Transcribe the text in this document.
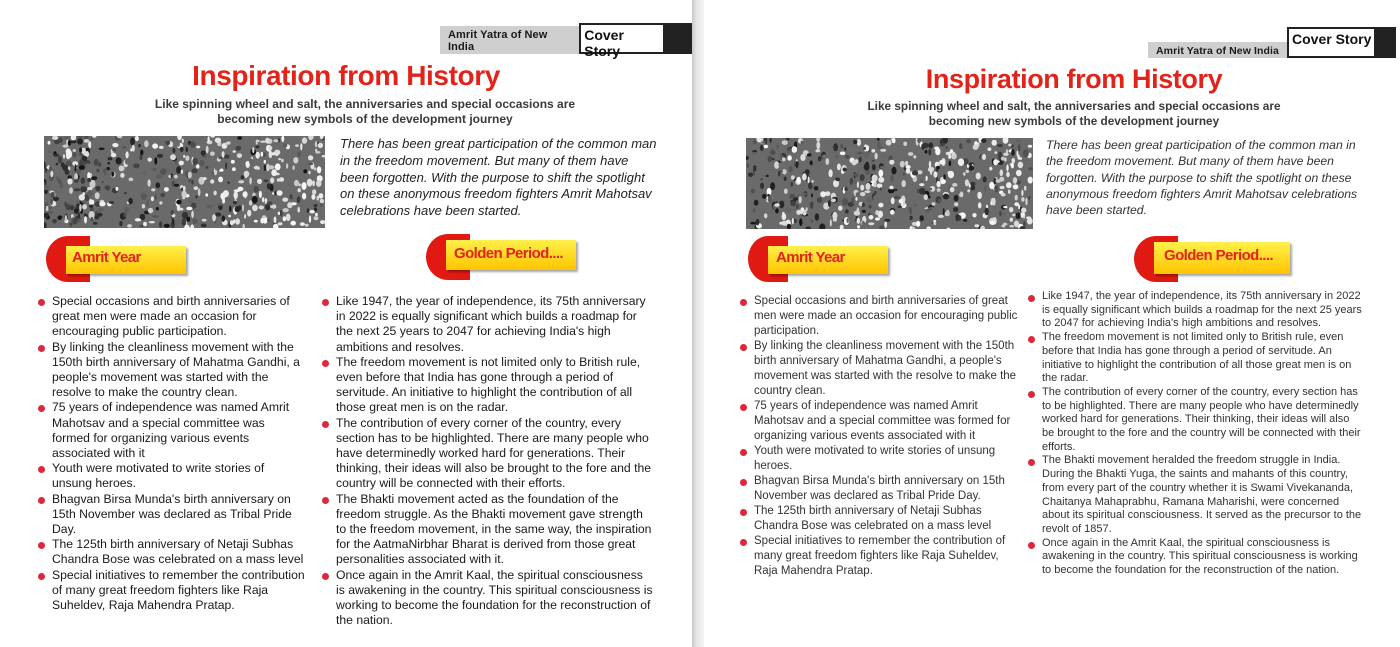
Amrit Yatra of New India
Cover Story
Inspiration from History
Like spinning wheel and salt, the anniversaries and special occasions are becoming new symbols of the development journey
There has been great participation of the common man in the freedom movement. But many of them have been forgotten. With the purpose to shift the spotlight on these anonymous freedom fighters Amrit Mahotsav celebrations have been started.
Amrit Year	Golden Period....
Special occasions and birth anniversaries of great men were made an occasion for encouraging public participation.
By linking the cleanliness movement with the 150th birth anniversary of Mahatma Gandhi, a people's movement was started with the resolve to make the country clean.
75 years of independence was named Amrit Mahotsav and a special committee was formed for organizing various events associated with it
Youth were motivated to write stories of unsung heroes.
Bhagvan Birsa Munda's birth anniversary on 15th November was declared as Tribal Pride Day.
The 125th birth anniversary of Netaji Subhas Chandra Bose was celebrated on a mass level
Special initiatives to remember the contribution of many great freedom fighters like Raja Suheldev, Raja Mahendra Pratap.
Like 1947, the year of independence, its 75th anniversary in 2022 is equally significant which builds a roadmap for the next 25 years to 2047 for achieving India's high ambitions and resolves.
The freedom movement is not limited only to British rule, even before that India has gone through a period of servitude. An initiative to highlight the contribution of all those great men is on the radar.
The contribution of every corner of the country, every section has to be highlighted. There are many people who have determinedly worked hard for generations. Their thinking, their ideas will also be brought to the fore and the country will be connected with their efforts.
The Bhakti movement acted as the foundation of the freedom struggle. As the Bhakti movement gave strength to the freedom movement, in the same way, the inspiration for the AatmaNirbhar Bharat is derived from those great personalities associated with it.
Once again in the Amrit Kaal, the spiritual consciousness is awakening in the country. This spiritual consciousness is working to become the foundation for the reconstruction of the nation.
Amrit Yatra of New India
Cover Story
Inspiration from History
Like spinning wheel and salt, the anniversaries and special occasions are becoming new symbols of the development journey
There has been great participation of the common man in the freedom movement. But many of them have been forgotten. With the purpose to shift the spotlight on these anonymous freedom fighters Amrit Mahotsav celebrations have been started.
Amrit Year	Golden Period....
Special occasions and birth anniversaries of great men were made an occasion for encouraging public participation.
By linking the cleanliness movement with the 150th birth anniversary of Mahatma Gandhi, a people's movement was started with the resolve to make the country clean.
75 years of independence was named Amrit Mahotsav and a special committee was formed for organizing various events associated with it
Youth were motivated to write stories of unsung heroes.
Bhagvan Birsa Munda's birth anniversary on 15th November was declared as Tribal Pride Day.
The 125th birth anniversary of Netaji Subhas Chandra Bose was celebrated on a mass level
Special initiatives to remember the contribution of many great freedom fighters like Raja Suheldev, Raja Mahendra Pratap.
Like 1947, the year of independence, its 75th anniversary in 2022 is equally significant which builds a roadmap for the next 25 years to 2047 for achieving India's high ambitions and resolves.
The freedom movement is not limited only to British rule, even before that India has gone through a period of servitude. An initiative to highlight the contribution of all those great men is on the radar.
The contribution of every corner of the country, every section has to be highlighted. There are many people who have determinedly worked hard for generations. Their thinking, their ideas will also be brought to the fore and the country will be connected with their efforts.
The Bhakti movement heralded the freedom struggle in India. During the Bhakti Yuga, the saints and mahants of this country, from every part of the country whether it is Swami Vivekananda, Chaitanya Mahaprabhu, Ramana Maharishi, were concerned about its spiritual consciousness. It served as the precursor to the revolt of 1857.
Once again in the Amrit Kaal, the spiritual consciousness is awakening in the country. This spiritual consciousness is working to become the foundation for the reconstruction of the nation.
